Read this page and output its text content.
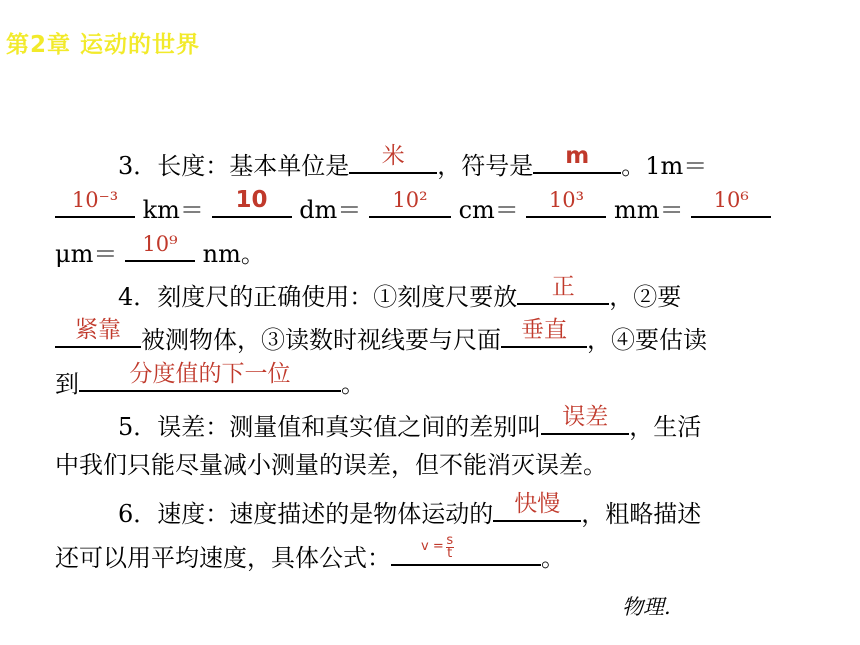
第2章 运动的世界
3．长度：基本单位是 米 ，符号是 m 。1m＝
10⁻³ km＝ 10 dm＝ 10² cm＝ 10³ mm＝ 10⁶
μm＝ 10⁹ nm。
4．刻度尺的正确使用：①刻度尺要放 正 ，②要
紧靠 被测物体，③读数时视线要与尺面 垂直 ，④要估读
到 分度值的下一位 。
5．误差：测量值和真实值之间的差别叫 误差 ，生活
中我们只能尽量减小测量的误差，但不能消灭误差。
6．速度：速度描述的是物体运动的 快慢 ，粗略描述
还可以用平均速度，具体公式： $v = \frac{s}{t}$	。
物理.
